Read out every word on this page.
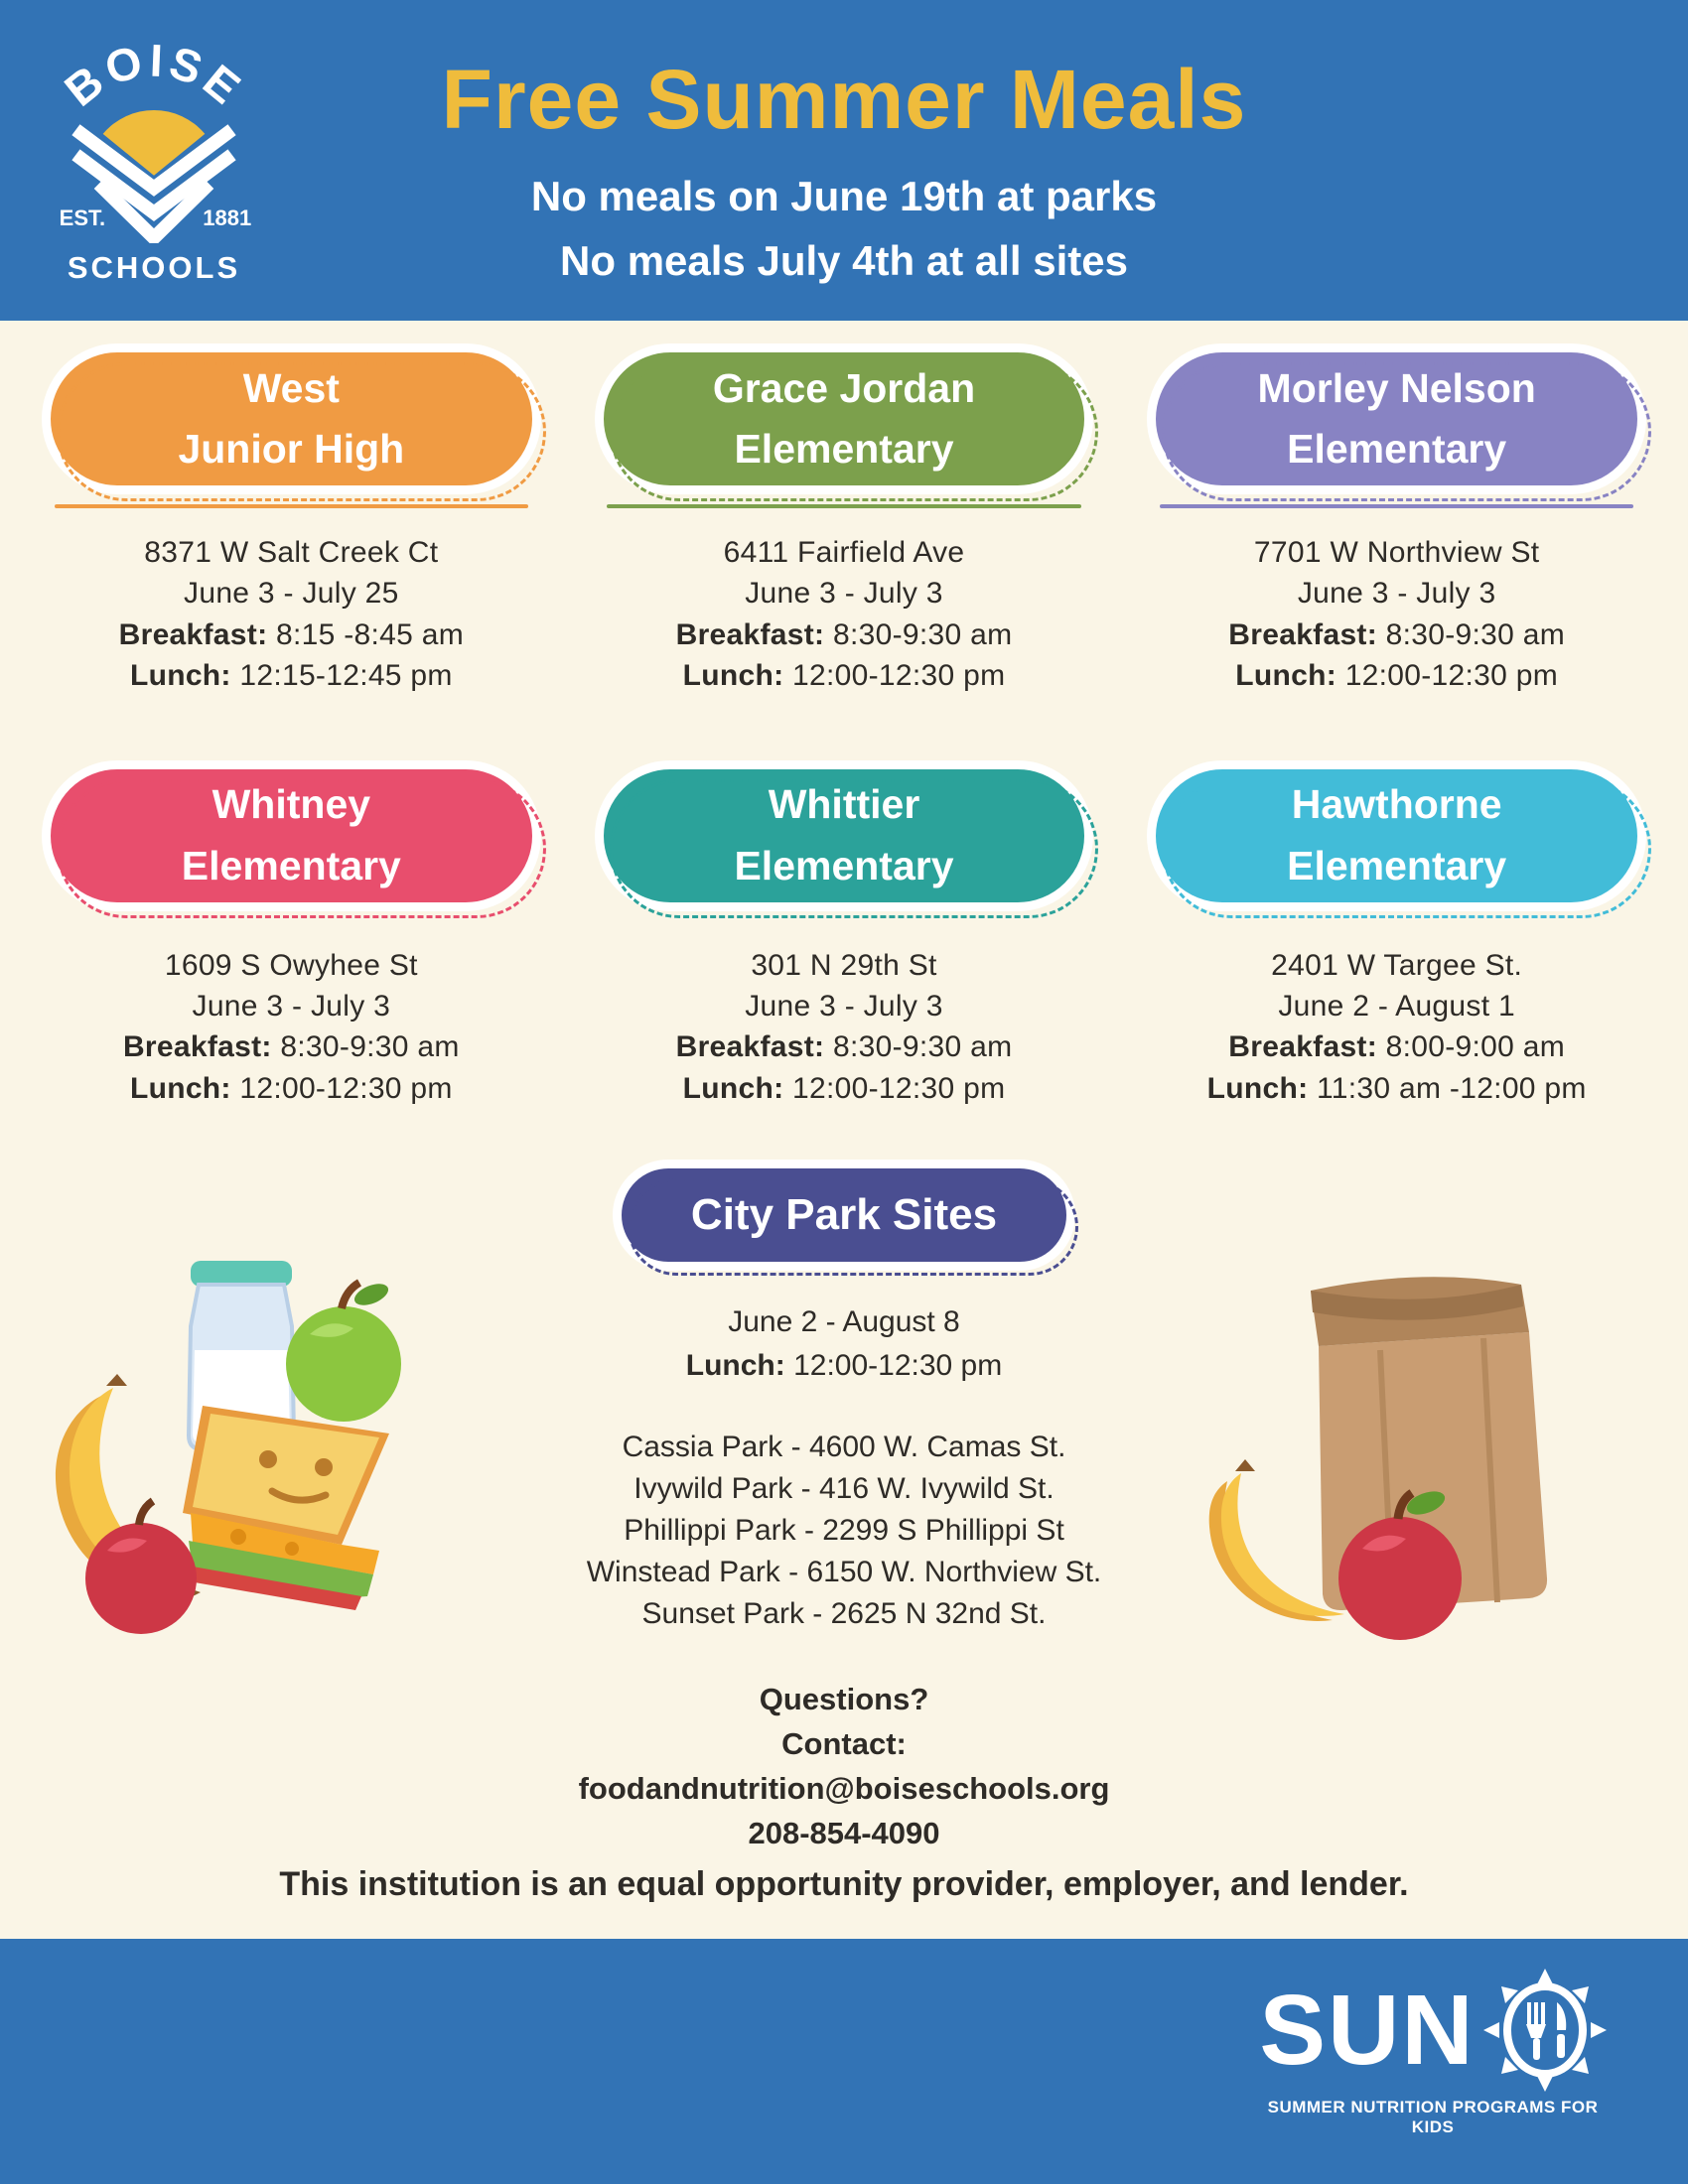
BOISE
EST.	1881
SCHOOLS
Free Summer Meals
No meals on June 19th at parks
No meals July 4th at all sites
West
Junior High
8371 W Salt Creek Ct
June 3 - July 25
Breakfast: 8:15 -8:45 am
Lunch: 12:15-12:45 pm
Grace Jordan
Elementary
6411 Fairfield Ave
June 3 - July 3
Breakfast: 8:30-9:30 am
Lunch: 12:00-12:30 pm
Morley Nelson
Elementary
7701 W Northview St
June 3 - July 3
Breakfast: 8:30-9:30 am
Lunch: 12:00-12:30 pm
Whitney
Elementary
1609 S Owyhee St
June 3 - July 3
Breakfast: 8:30-9:30 am
Lunch: 12:00-12:30 pm
Whittier
Elementary
301 N 29th St
June 3 - July 3
Breakfast: 8:30-9:30 am
Lunch: 12:00-12:30 pm
Hawthorne
Elementary
2401 W Targee St.
June 2 - August 1
Breakfast: 8:00-9:00 am
Lunch: 11:30 am -12:00 pm
City Park Sites
June 2 - August 8
Lunch: 12:00-12:30 pm
Cassia Park - 4600 W. Camas St.
Ivywild Park - 416 W. Ivywild St.
Phillippi Park - 2299 S Phillippi St
Winstead Park - 6150 W. Northview St.
Sunset Park - 2625 N 32nd St.
Questions?
Contact:
foodandnutrition@boiseschools.org
208-854-4090
This institution is an equal opportunity provider, employer, and lender.
SUN
SUMMER NUTRITION PROGRAMS FOR KIDS
